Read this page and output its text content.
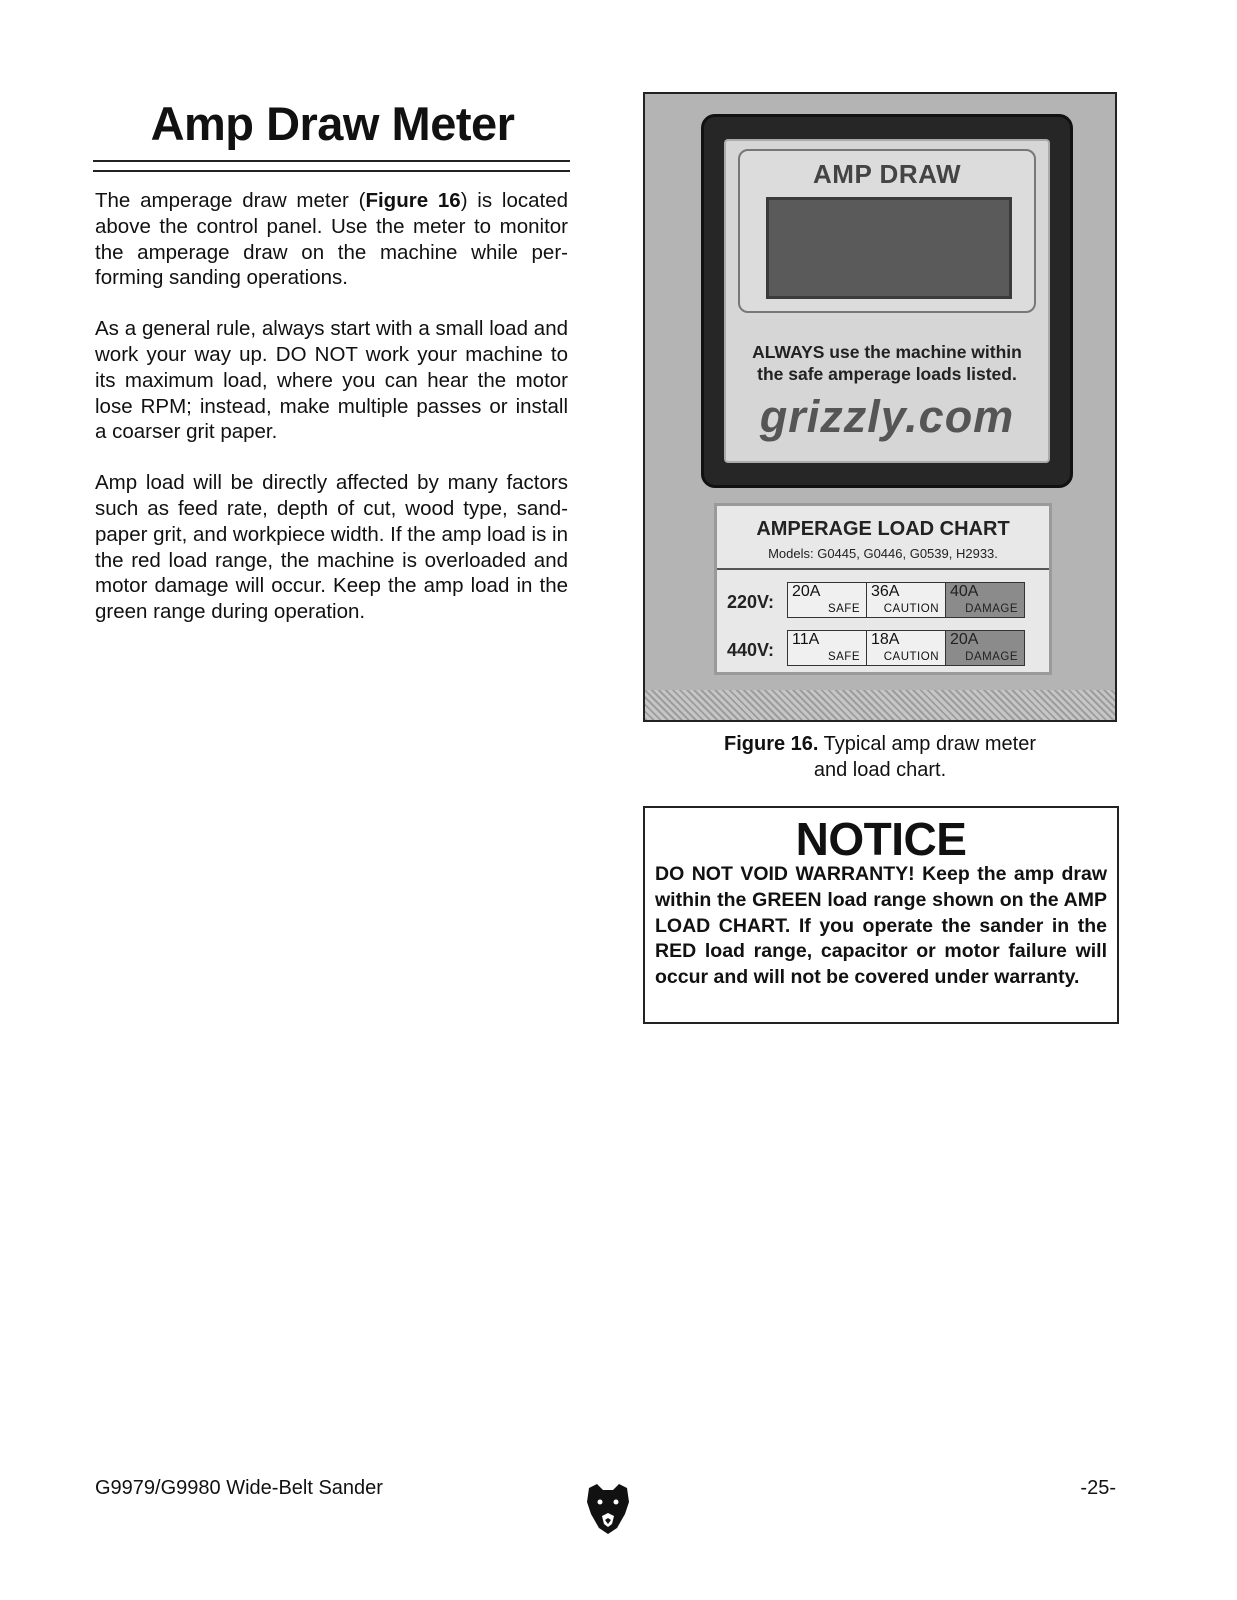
Amp Draw Meter

The amperage draw meter (Figure 16) is located above the control panel. Use the meter to monitor the amperage draw on the machine while per-forming sanding operations.

As a general rule, always start with a small load and work your way up. DO NOT work your machine to its maximum load, where you can hear the motor lose RPM; instead, make multiple passes or install a coarser grit paper.

Amp load will be directly affected by many factors such as feed rate, depth of cut, wood type, sand-paper grit, and workpiece width. If the amp load is in the red load range, the machine is overloaded and motor damage will occur. Keep the amp load in the green range during operation.

AMP DRAW
ALWAYS use the machine within
the safe amperage loads listed.
grizzly.com
AMPERAGE LOAD CHART
Models: G0445, G0446, G0539, H2933.
220V:
20A
SAFE
36A
CAUTION
40A
DAMAGE
440V:
11A
SAFE
18A
CAUTION
20A
DAMAGE
Figure 16. Typical amp draw meter
and load chart.
NOTICE
DO NOT VOID WARRANTY! Keep the amp draw within the GREEN load range shown on the AMP LOAD CHART. If you operate the sander in the RED load range, capacitor or motor failure will occur and will not be covered under warranty.
G9979/G9980 Wide-Belt Sander	-25-
